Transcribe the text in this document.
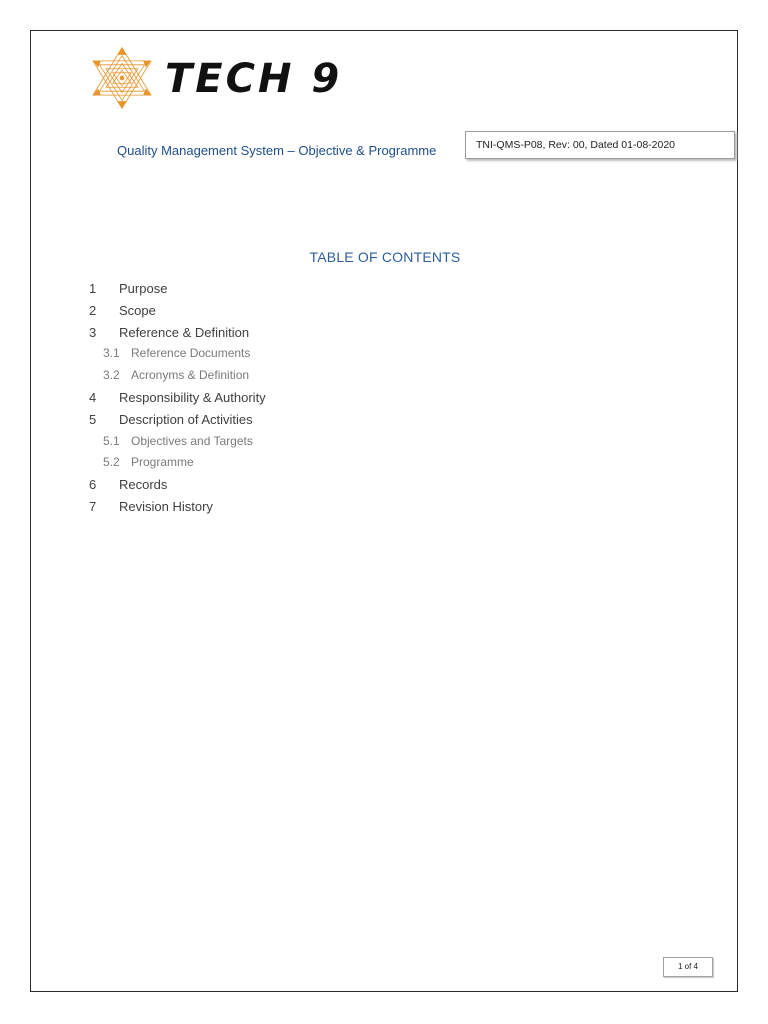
TECH 9
Quality Management System – Objective & Programme	TNI-QMS-P08, Rev: 00, Dated 01-08-2020
TABLE OF CONTENTS
1	Purpose
2	Scope
3	Reference & Definition
3.1 Reference Documents
3.2 Acronyms & Definition
4	Responsibility & Authority
5	Description of Activities
5.1 Objectives and Targets
5.2 Programme
6	Records
7	Revision History
1 of 4
